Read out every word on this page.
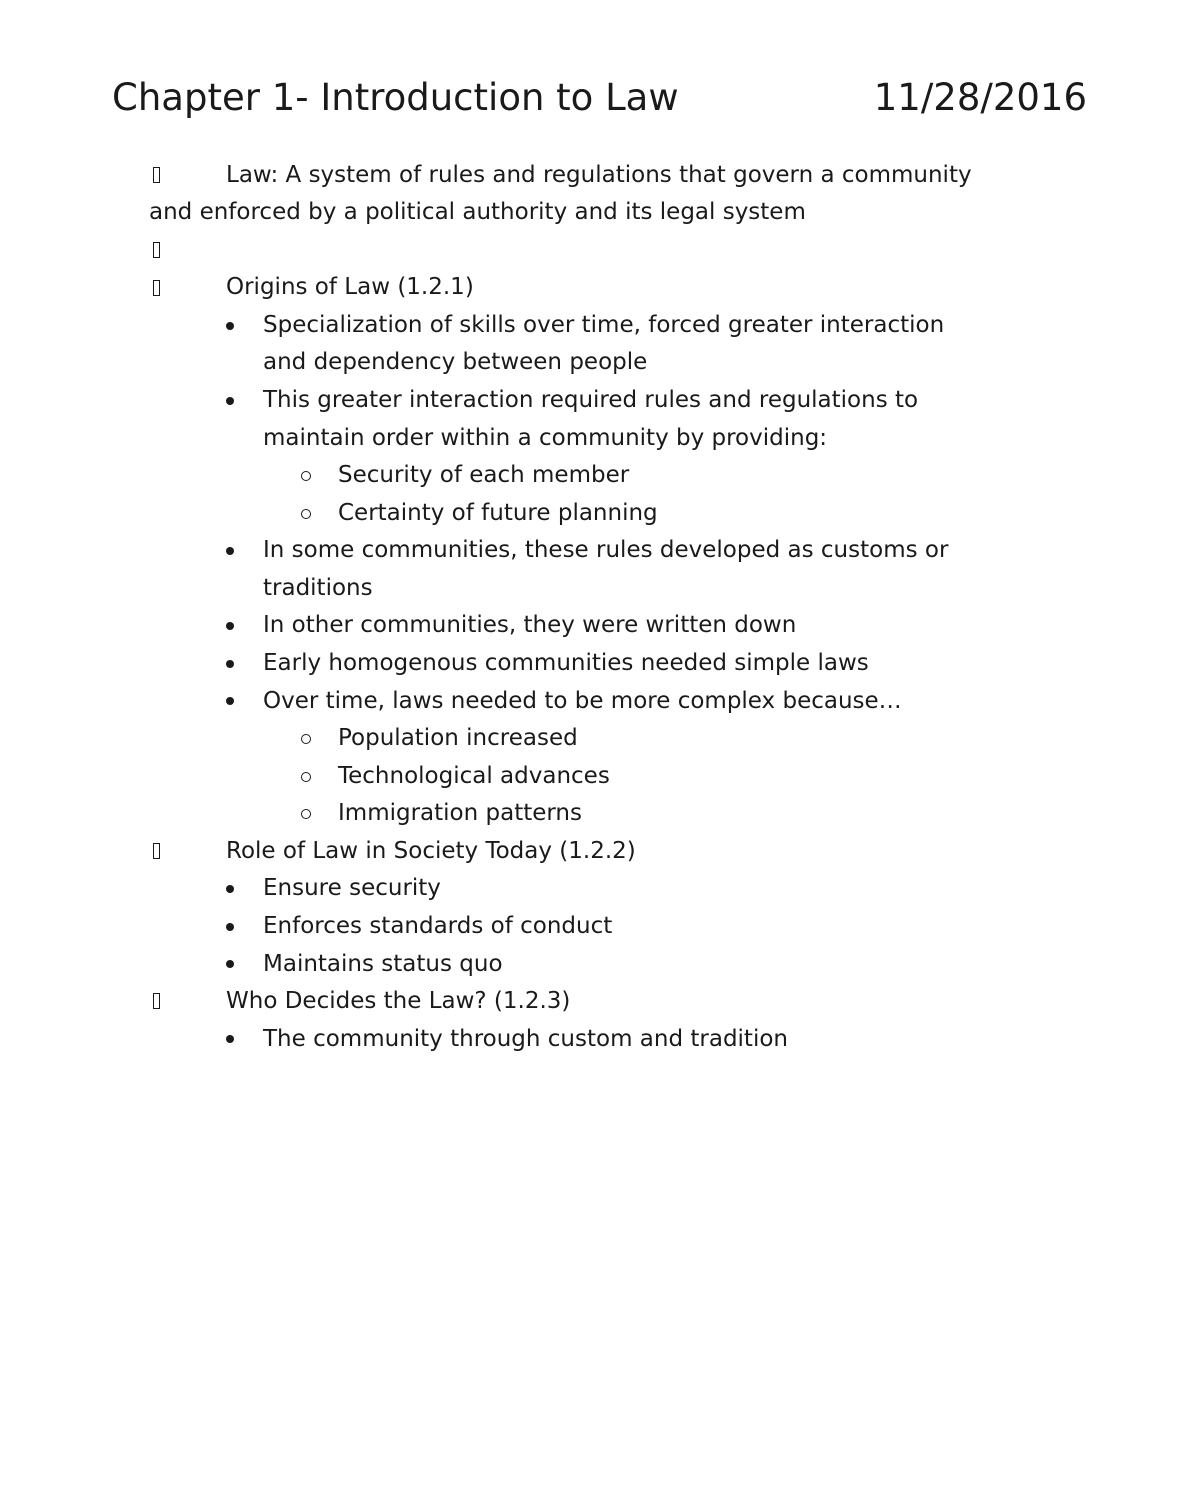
Chapter 1- Introduction to Law	11/28/2016
Law: A system of rules and regulations that govern a community
and enforced by a political authority and its legal system
Origins of Law (1.2.1)
Specialization of skills over time, forced greater interaction
and dependency between people
This greater interaction required rules and regulations to
maintain order within a community by providing:
Security of each member
Certainty of future planning
In some communities, these rules developed as customs or
traditions
In other communities, they were written down
Early homogenous communities needed simple laws
Over time, laws needed to be more complex because…
Population increased
Technological advances
Immigration patterns
Role of Law in Society Today (1.2.2)
Ensure security
Enforces standards of conduct
Maintains status quo
Who Decides the Law? (1.2.3)
The community through custom and tradition
